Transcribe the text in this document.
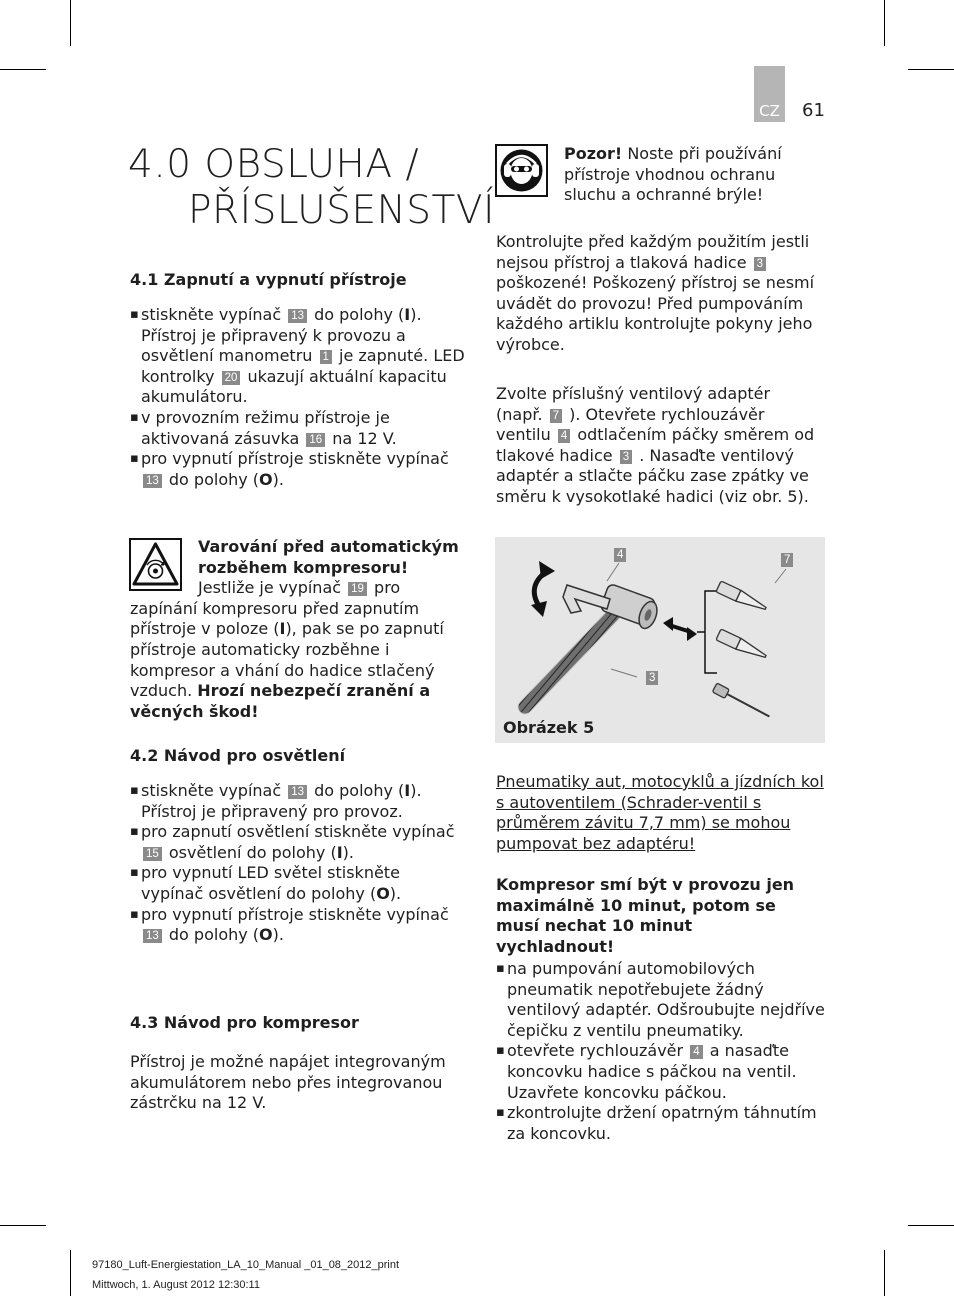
CZ 61
4.0 OBSLUHA /
PŘÍSLUŠENSTVÍ
4.1 Zapnutí a vypnutí přístroje
▪ stiskněte vypínač 13 do polohy (I). Přístroj je připravený k provozu a osvětlení manometru 1 je zapnuté. LED kontrolky 20 ukazují aktuální kapacitu akumulátoru.
▪ v provozním režimu přístroje je aktivovaná zásuvka 16 na 12 V.
▪ pro vypnutí přístroje stiskněte vypínač 13 do polohy (O).
Varování před automatickým rozběhem kompresoru! Jestliže je vypínač 19 pro zapínání kompresoru před zapnutím přístroje v poloze (I), pak se po zapnutí přístroje automaticky rozběhne i kompresor a vhání do hadice stlačený vzduch. Hrozí nebezpečí zranění a věcných škod!
4.2 Návod pro osvětlení
▪ stiskněte vypínač 13 do polohy (I). Přístroj je připravený pro provoz.
▪ pro zapnutí osvětlení stiskněte vypínač 15 osvětlení do polohy (I).
▪ pro vypnutí LED světel stiskněte vypínač osvětlení do polohy (O).
▪ pro vypnutí přístroje stiskněte vypínač 13 do polohy (O).
4.3 Návod pro kompresor
Přístroj je možné napájet integrovaným akumulátorem nebo přes integrovanou zástrčku na 12 V.
Pozor! Noste při používání přístroje vhodnou ochranu sluchu a ochranné brýle!
Kontrolujte před každým použitím jestli nejsou přístroj a tlaková hadice 3 poškozené! Poškozený přístroj se nesmí uvádět do provozu! Před pumpováním každého artiklu kontrolujte pokyny jeho výrobce.
Zvolte příslušný ventilový adaptér (např. 7 ). Otevřete rychlouzávěr ventilu 4 odtlačením páčky směrem od tlakové hadice 3 . Nasaďte ventilový adaptér a stlačte páčku zase zpátky ve směru k vysokotlaké hadici (viz obr. 5).
4	7
3
Obrázek 5
Pneumatiky aut, motocyklů a jízdních kol s autoventilem (Schrader-ventil s průměrem závitu 7,7 mm) se mohou pumpovat bez adaptéru!
Kompresor smí být v provozu jen maximálně 10 minut, potom se musí nechat 10 minut vychladnout!
▪ na pumpování automobilových pneumatik nepotřebujete žádný ventilový adaptér. Odšroubujte nejdříve čepičku z ventilu pneumatiky.
▪ otevřete rychlouzávěr 4 a nasaďte koncovku hadice s páčkou na ventil. Uzavřete koncovku páčkou.
▪ zkontrolujte držení opatrným táhnutím za koncovku.
97180_Luft-Energiestation_LA_10_Manual _01_08_2012_print
Mittwoch, 1. August 2012 12:30:11
